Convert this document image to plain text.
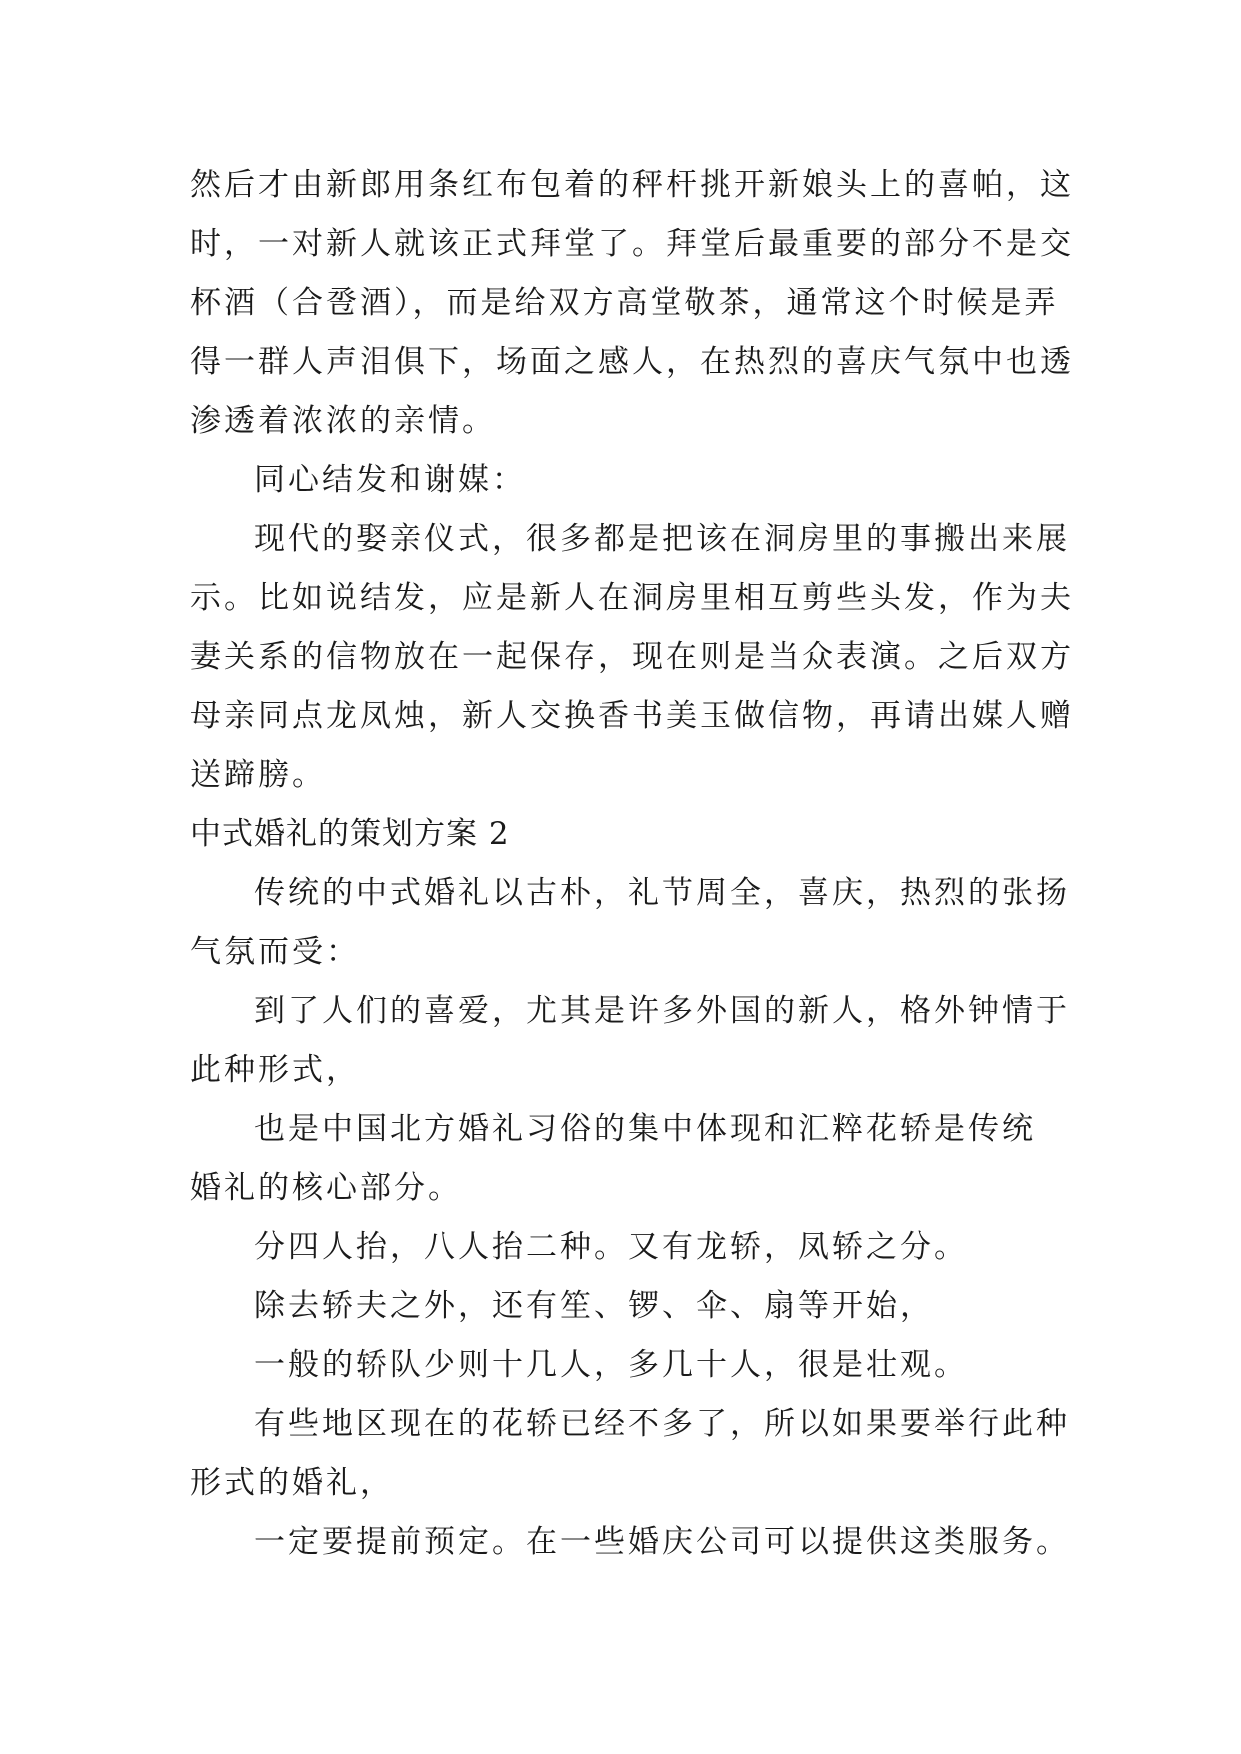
然后才由新郎用条红布包着的秤杆挑开新娘头上的喜帕，这
时，一对新人就该正式拜堂了。拜堂后最重要的部分不是交
杯酒（合卺酒），而是给双方高堂敬茶，通常这个时候是弄
得一群人声泪俱下，场面之感人，在热烈的喜庆气氛中也透
渗透着浓浓的亲情。
同心结发和谢媒：
现代的娶亲仪式，很多都是把该在洞房里的事搬出来展
示。比如说结发，应是新人在洞房里相互剪些头发，作为夫
妻关系的信物放在一起保存，现在则是当众表演。之后双方
母亲同点龙凤烛，新人交换香书美玉做信物，再请出媒人赠
送蹄膀。
中式婚礼的策划方案 2
传统的中式婚礼以古朴，礼节周全，喜庆，热烈的张扬
气氛而受：
到了人们的喜爱，尤其是许多外国的新人，格外钟情于
此种形式，
也是中国北方婚礼习俗的集中体现和汇粹花轿是传统
婚礼的核心部分。
分四人抬，八人抬二种。又有龙轿，凤轿之分。
除去轿夫之外，还有笙、锣、伞、扇等开始，
一般的轿队少则十几人，多几十人，很是壮观。
有些地区现在的花轿已经不多了，所以如果要举行此种
形式的婚礼，
一定要提前预定。在一些婚庆公司可以提供这类服务。
